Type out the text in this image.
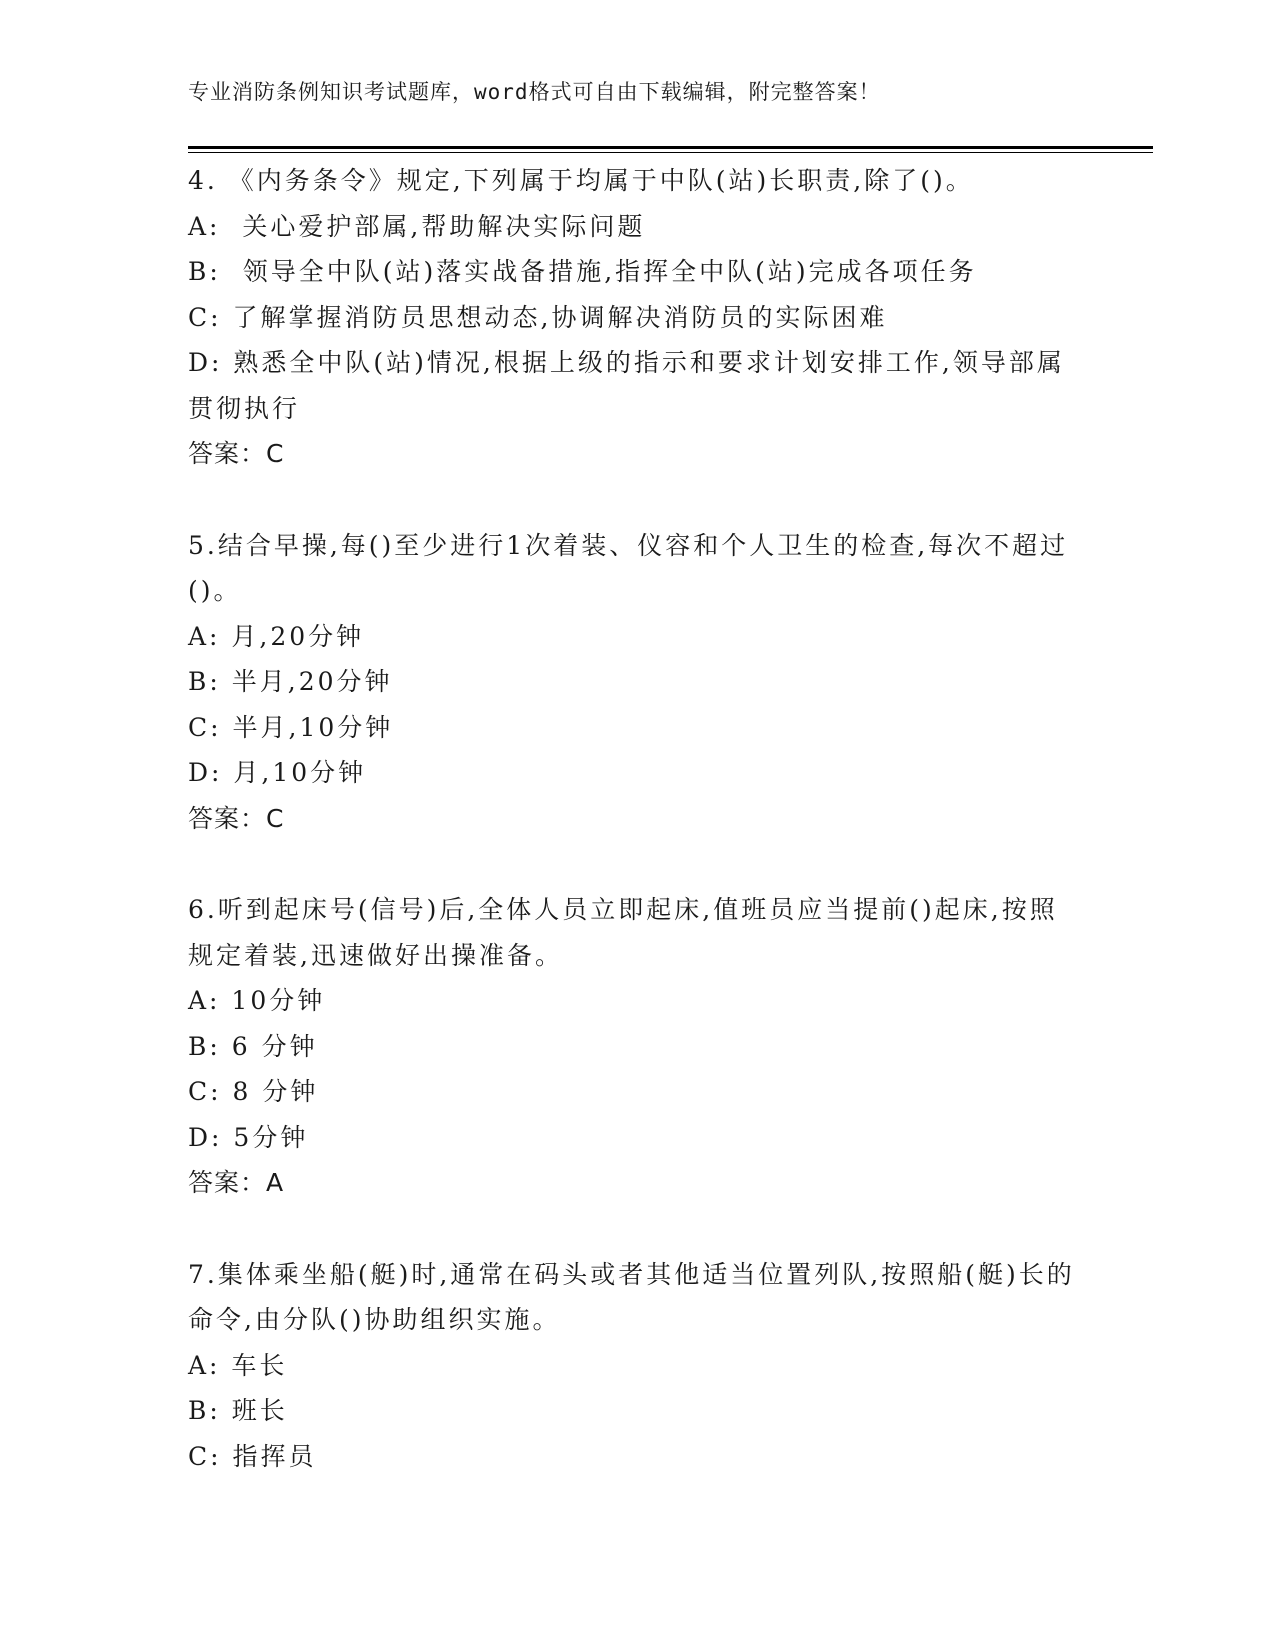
专业消防条例知识考试题库，word格式可自由下载编辑，附完整答案！

4. 《内务条令》规定,下列属于均属于中队(站)长职责,除了()。

A:  关心爱护部属,帮助解决实际问题

B:  领导全中队(站)落实战备措施,指挥全中队(站)完成各项任务

C: 了解掌握消防员思想动态,协调解决消防员的实际困难

D: 熟悉全中队(站)情况,根据上级的指示和要求计划安排工作,领导部属贯彻执行

答案：C

5.结合早操,每()至少进行1次着装、仪容和个人卫生的检查,每次不超过()。

A: 月,20分钟

B: 半月,20分钟

C: 半月,10分钟

D: 月,10分钟

答案：C

6.听到起床号(信号)后,全体人员立即起床,值班员应当提前()起床,按照规定着装,迅速做好出操准备。

A: 10分钟

B: 6 分钟

C: 8 分钟

D: 5分钟

答案：A

7.集体乘坐船(艇)时,通常在码头或者其他适当位置列队,按照船(艇)长的命令,由分队()协助组织实施。

A: 车长

B: 班长

C: 指挥员
